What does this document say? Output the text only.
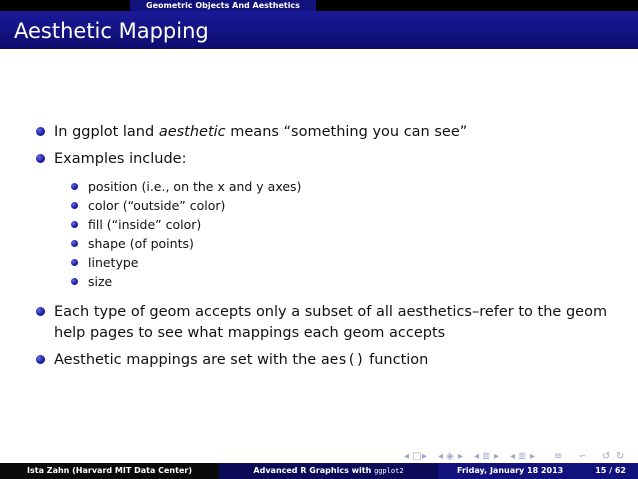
Geometric Objects And Aesthetics
Aesthetic Mapping
In ggplot land aesthetic means “something you can see”
Examples include:
position (i.e., on the x and y axes)
color (“outside” color)
fill (“inside” color)
shape (of points)
linetype
size
Each type of geom accepts only a subset of all aesthetics–refer to the geom
help pages to see what mappings each geom accepts
Aesthetic mappings are set with the aes() function
◂ □ ▸ ◂ ◈ ▸ ◂ ≣ ▸ ◂ ≣ ▸ ≡ ∽ ↺ ↻
Ista Zahn (Harvard MIT Data Center)	Advanced R Graphics with ggplot2	Friday, January 18 2013	15 / 62
